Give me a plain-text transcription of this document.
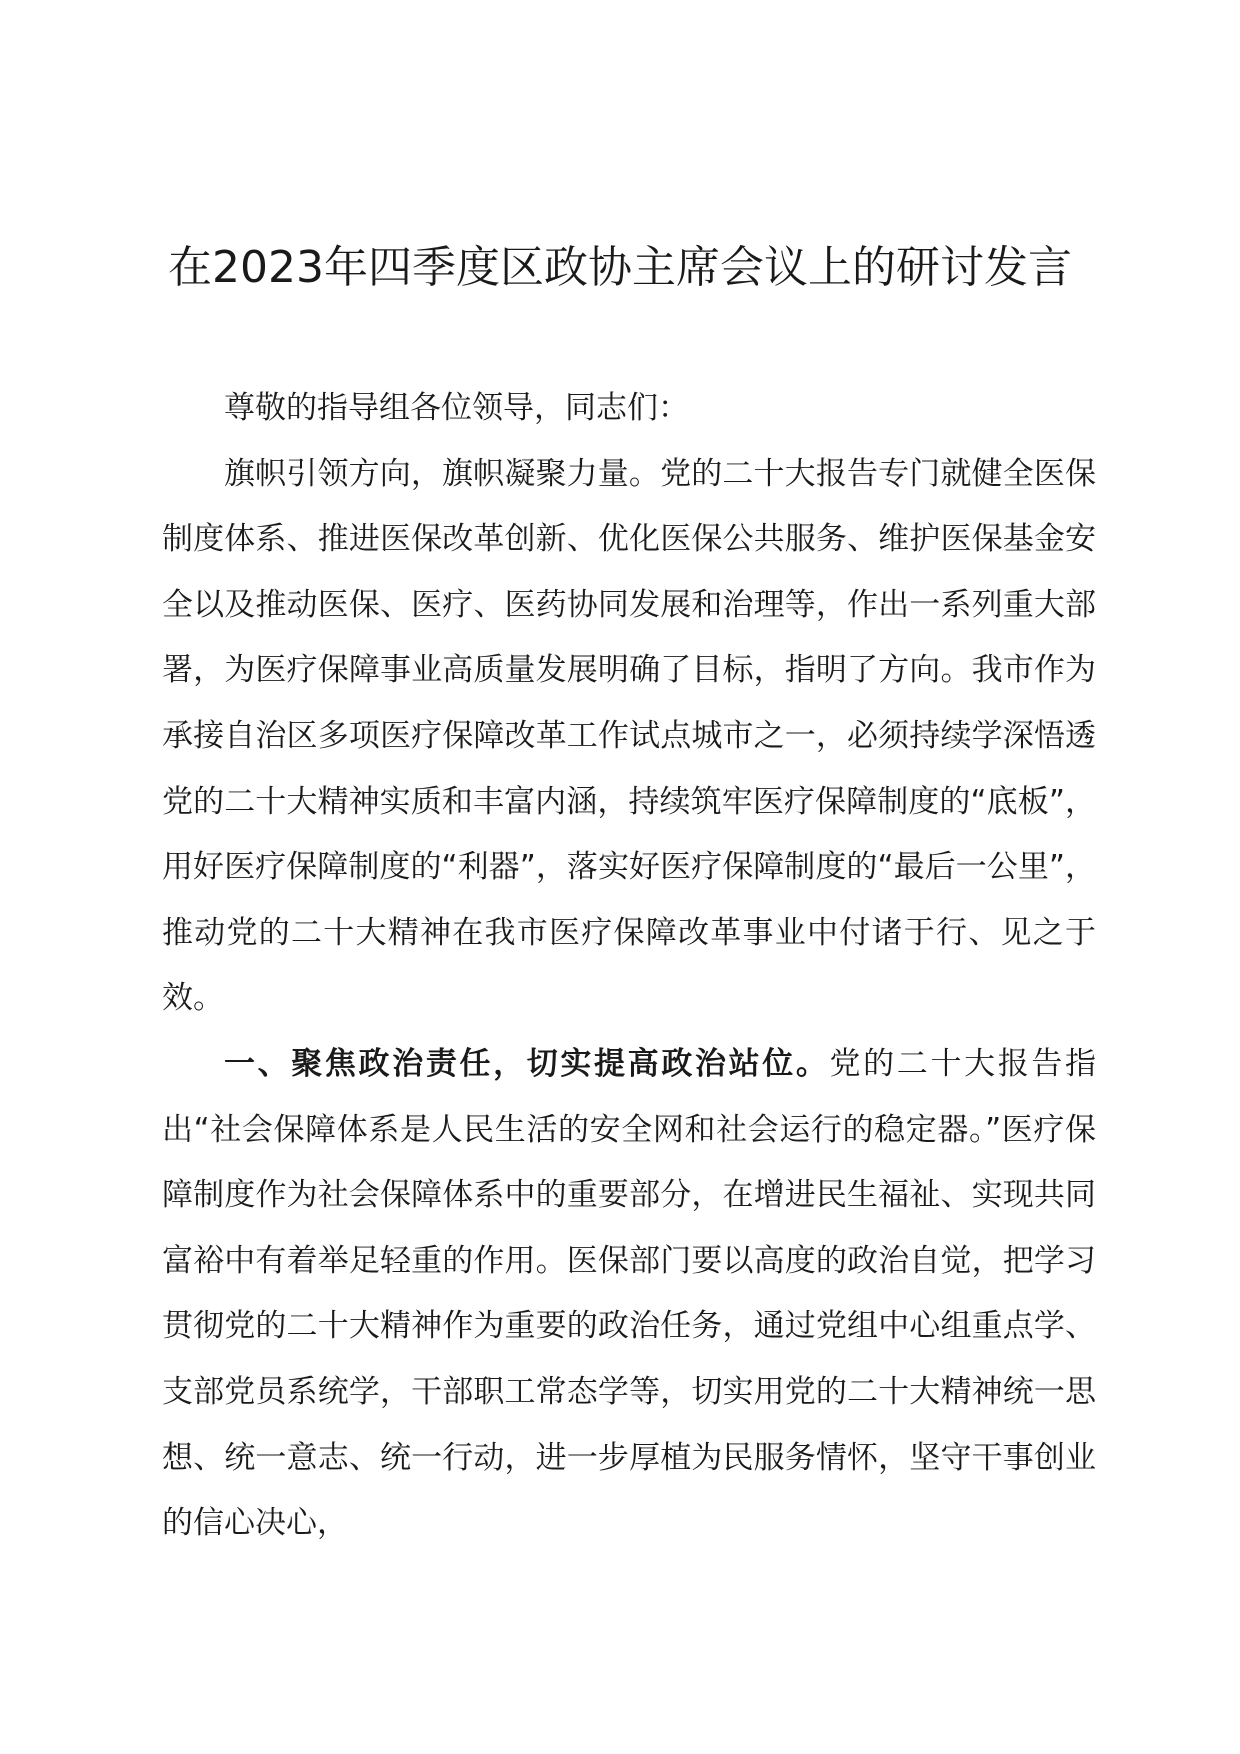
在2023年四季度区政协主席会议上的研讨发言

尊敬的指导组各位领导，同志们：

旗帜引领方向，旗帜凝聚力量。党的二十大报告专门就健全医保制度体系、推进医保改革创新、优化医保公共服务、维护医保基金安全以及推动医保、医疗、医药协同发展和治理等，作出一系列重大部署，为医疗保障事业高质量发展明确了目标，指明了方向。我市作为承接自治区多项医疗保障改革工作试点城市之一，必须持续学深悟透党的二十大精神实质和丰富内涵，持续筑牢医疗保障制度的“底板”，用好医疗保障制度的“利器”，落实好医疗保障制度的“最后一公里”，推动党的二十大精神在我市医疗保障改革事业中付诸于行、见之于效。

一、聚焦政治责任，切实提高政治站位。党的二十大报告指出“社会保障体系是人民生活的安全网和社会运行的稳定器。”医疗保障制度作为社会保障体系中的重要部分，在增进民生福祉、实现共同富裕中有着举足轻重的作用。医保部门要以高度的政治自觉，把学习贯彻党的二十大精神作为重要的政治任务，通过党组中心组重点学、支部党员系统学，干部职工常态学等，切实用党的二十大精神统一思想、统一意志、统一行动，进一步厚植为民服务情怀，坚守干事创业的信心决心，
